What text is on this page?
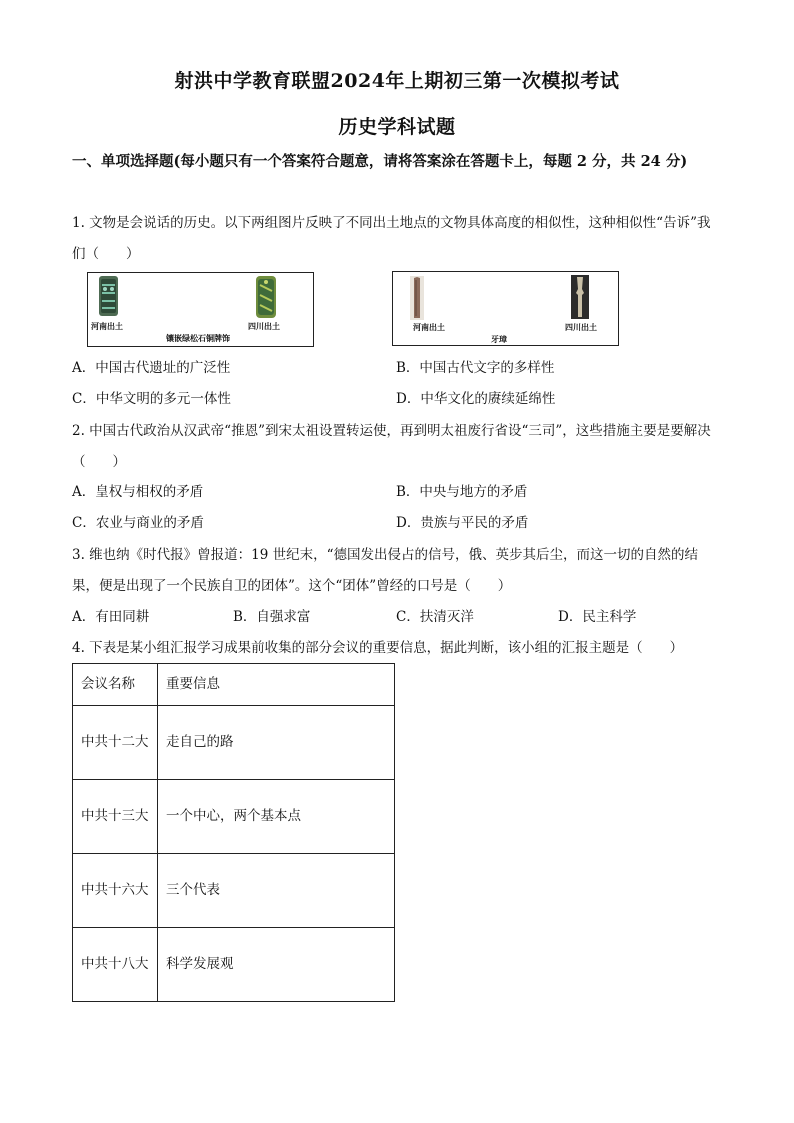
射洪中学教育联盟2024年上期初三第一次模拟考试
历史学科试题
一、单项选择题(每小题只有一个答案符合题意，请将答案涂在答题卡上，每题 2 分，共 24 分)
1. 文物是会说话的历史。以下两组图片反映了不同出土地点的文物具体高度的相似性，这种相似性“告诉”我们（　　）
河南出土	四川出土
镶嵌绿松石铜牌饰
河南出土
牙璋
四川出土
A．中国古代遗址的广泛性	B．中国古代文字的多样性
C．中华文明的多元一体性	D．中华文化的赓续延绵性
2. 中国古代政治从汉武帝“推恩”到宋太祖设置转运使，再到明太祖废行省设“三司”，这些措施主要是要解决（　　）
A．皇权与相权的矛盾	B．中央与地方的矛盾
C．农业与商业的矛盾	D．贵族与平民的矛盾
3. 维也纳《时代报》曾报道：19 世纪末，“德国发出侵占的信号，俄、英步其后尘，而这一切的自然的结果，便是出现了一个民族自卫的团体”。这个“团体”曾经的口号是（　　）
A．有田同耕	B．自强求富	C．扶清灭洋	D．民主科学
4. 下表是某小组汇报学习成果前收集的部分会议的重要信息，据此判断，该小组的汇报主题是（　　）
会议名称	重要信息
中共十二大	走自己的路
中共十三大	一个中心，两个基本点
中共十六大	三个代表
中共十八大	科学发展观
